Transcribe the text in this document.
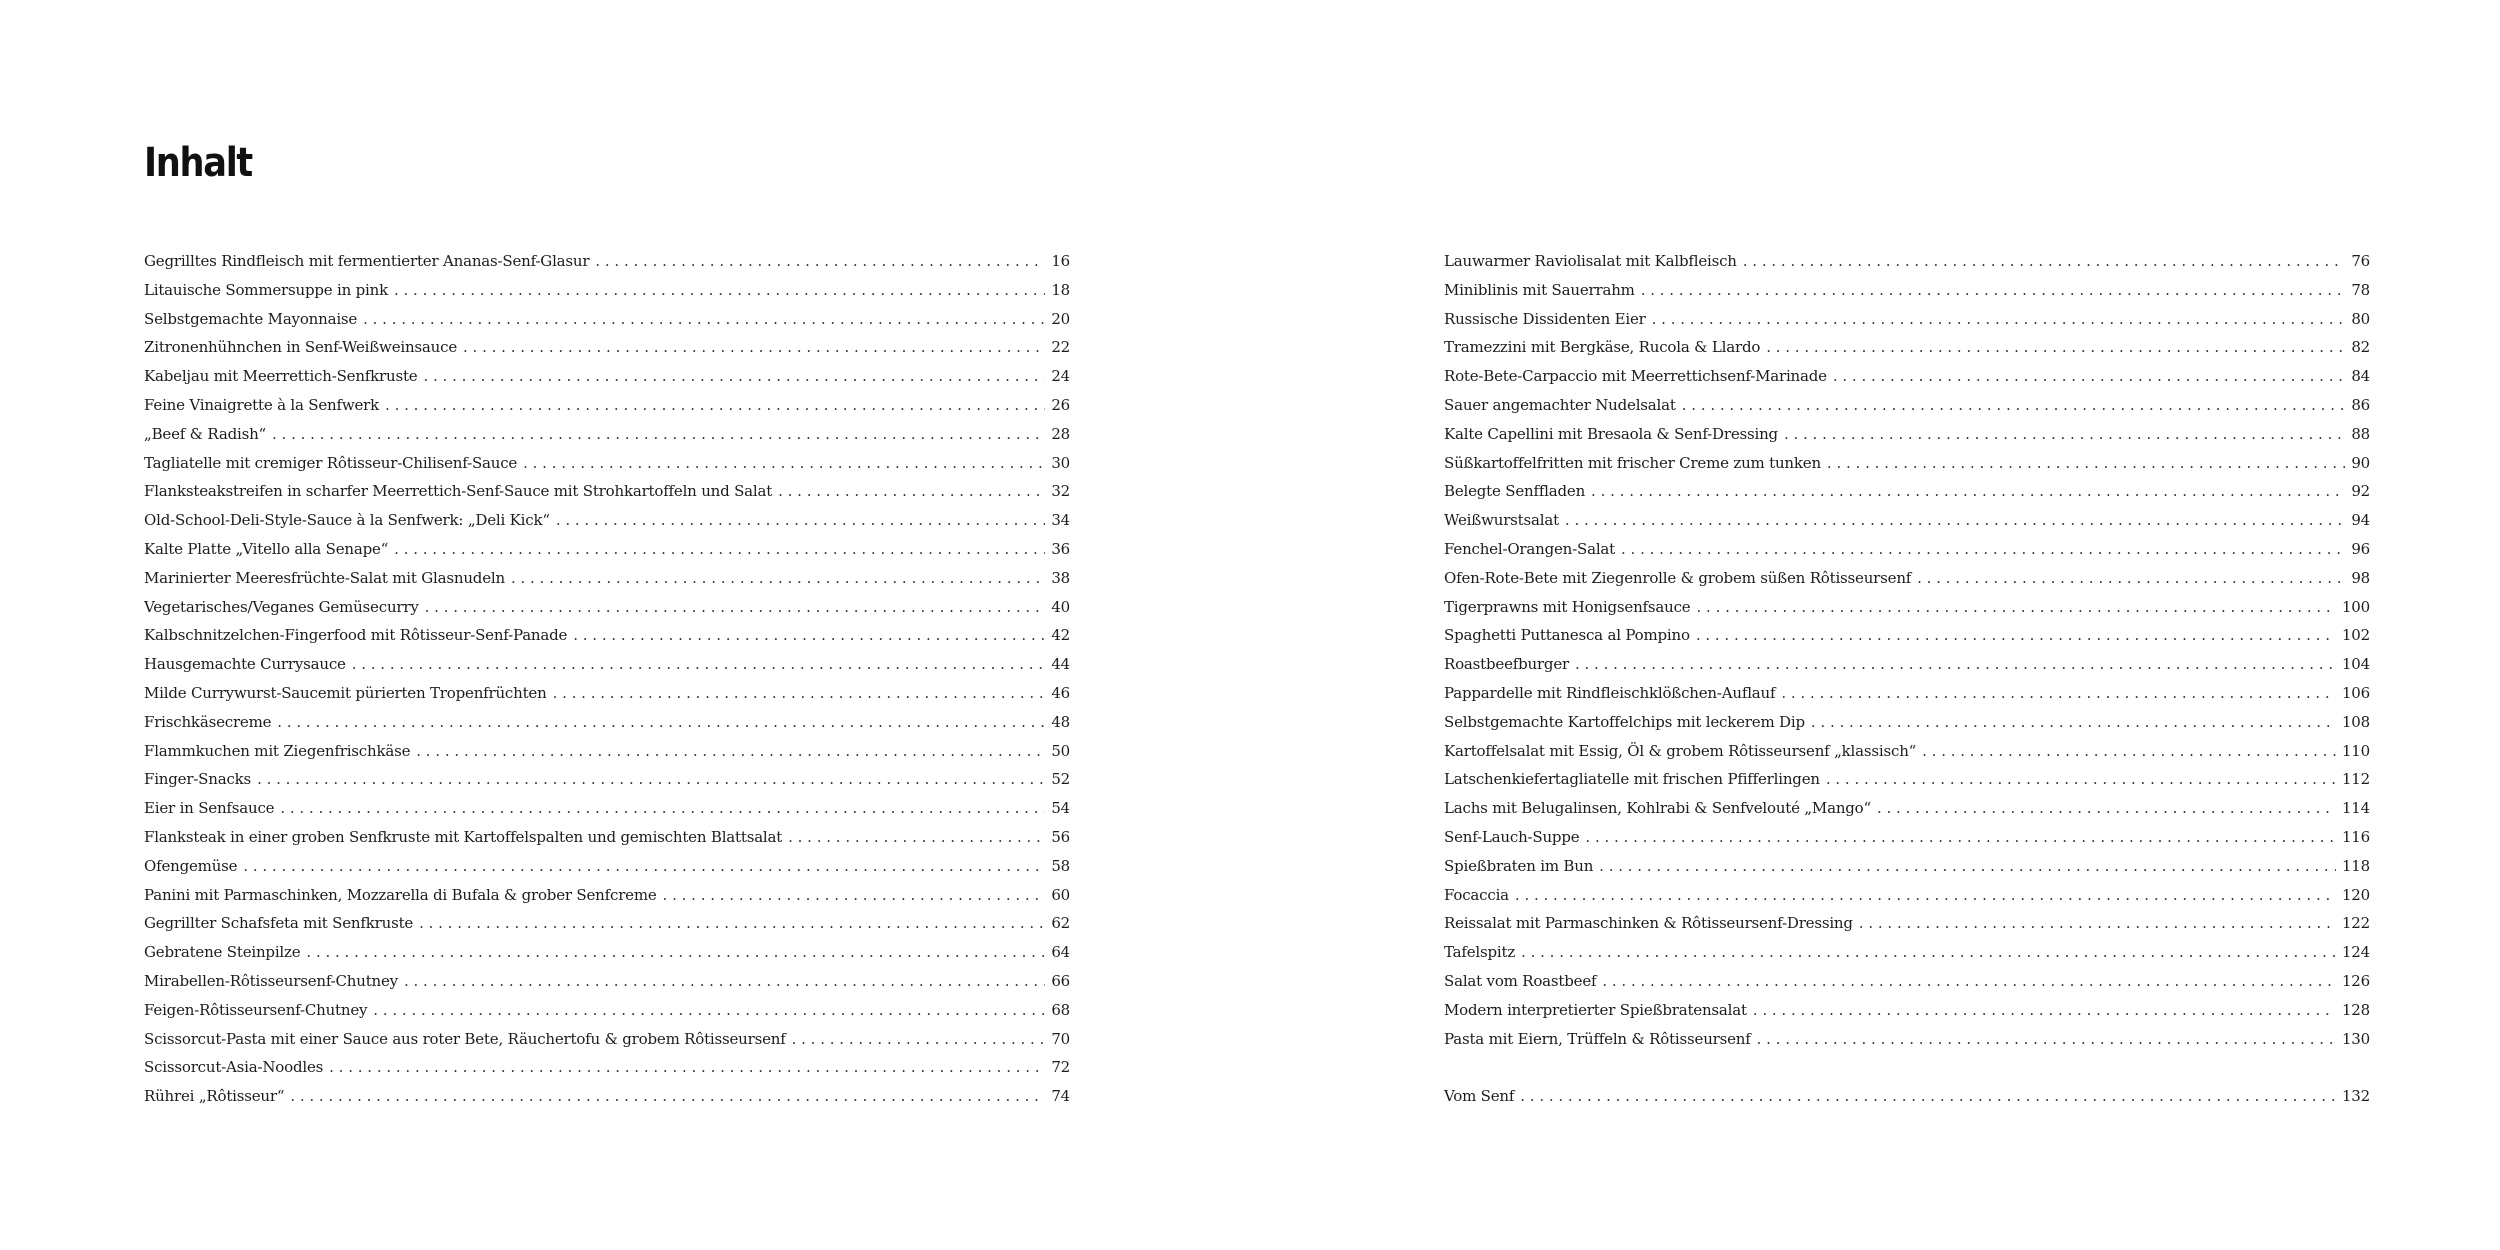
Inhalt
Gegrilltes Rindfleisch mit fermentierter Ananas-Senf-Glasur . . .	16
Litauische Sommersuppe in pink . . .	18
Selbstgemachte Mayonnaise . . .	20
Zitronenhühnchen in Senf-Weißweinsauce . . .	22
Kabeljau mit Meerrettich-Senfkruste . . .	24
Feine Vinaigrette à la Senfwerk . . .	26
„Beef & Radish“ . . .	28
Tagliatelle mit cremiger Rôtisseur-Chilisenf-Sauce . . .	30
Flanksteakstreifen in scharfer Meerrettich-Senf-Sauce mit Strohkartoffeln und Salat . . .	32
Old-School-Deli-Style-Sauce à la Senfwerk: „Deli Kick“ . . .	34
Kalte Platte „Vitello alla Senape“ . . .	36
Marinierter Meeresfrüchte-Salat mit Glasnudeln . . .	38
Vegetarisches/Veganes Gemüsecurry . . .	40
Kalbschnitzelchen-Fingerfood mit Rôtisseur-Senf-Panade . . .	42
Hausgemachte Currysauce . . .	44
Milde Currywurst-Saucemit pürierten Tropenfrüchten . . .	46
Frischkäsecreme . . .	48
Flammkuchen mit Ziegenfrischkäse . . .	50
Finger-Snacks . . .	52
Eier in Senfsauce . . .	54
Flanksteak in einer groben Senfkruste mit Kartoffelspalten und gemischten Blattsalat . . .	56
Ofengemüse . . .	58
Panini mit Parmaschinken, Mozzarella di Bufala & grober Senfcreme . . .	60
Gegrillter Schafsfeta mit Senfkruste . . .	62
Gebratene Steinpilze . . .	64
Mirabellen-Rôtisseursenf-Chutney . . .	66
Feigen-Rôtisseursenf-Chutney . . .	68
Scissorcut-Pasta mit einer Sauce aus roter Bete, Räuchertofu & grobem Rôtisseursenf . . .	70
Scissorcut-Asia-Noodles . . .	72
Rührei „Rôtisseur“ . . .	74
Lauwarmer Raviolisalat mit Kalbfleisch . . .	76
Miniblinis mit Sauerrahm . . .	78
Russische Dissidenten Eier . . .	80
Tramezzini mit Bergkäse, Rucola & Llardo . . .	82
Rote-Bete-Carpaccio mit Meerrettichsenf-Marinade . . .	84
Sauer angemachter Nudelsalat . . .	86
Kalte Capellini mit Bresaola & Senf-Dressing . . .	88
Süßkartoffelfritten mit frischer Creme zum tunken . . .	90
Belegte Senffladen . . .	92
Weißwurstsalat . . .	94
Fenchel-Orangen-Salat . . .	96
Ofen-Rote-Bete mit Ziegenrolle & grobem süßen Rôtisseursenf . . .	98
Tigerprawns mit Honigsenfsauce . . .	100
Spaghetti Puttanesca al Pompino . . .	102
Roastbeefburger . . .	104
Pappardelle mit Rindfleischklößchen-Auflauf . . .	106
Selbstgemachte Kartoffelchips mit leckerem Dip . . .	108
Kartoffelsalat mit Essig, Öl & grobem Rôtisseursenf „klassisch“ . . .	110
Latschenkiefertagliatelle mit frischen Pfifferlingen . . .	112
Lachs mit Belugalinsen, Kohlrabi & Senfvelouté „Mango“ . . .	114
Senf-Lauch-Suppe . . .	116
Spießbraten im Bun . . .	118
Focaccia . . .	120
Reissalat mit Parmaschinken & Rôtisseursenf-Dressing . . .	122
Tafelspitz . . .	124
Salat vom Roastbeef . . .	126
Modern interpretierter Spießbratensalat . . .	128
Pasta mit Eiern, Trüffeln & Rôtisseursenf . . .	130
Vom Senf . . .	132
